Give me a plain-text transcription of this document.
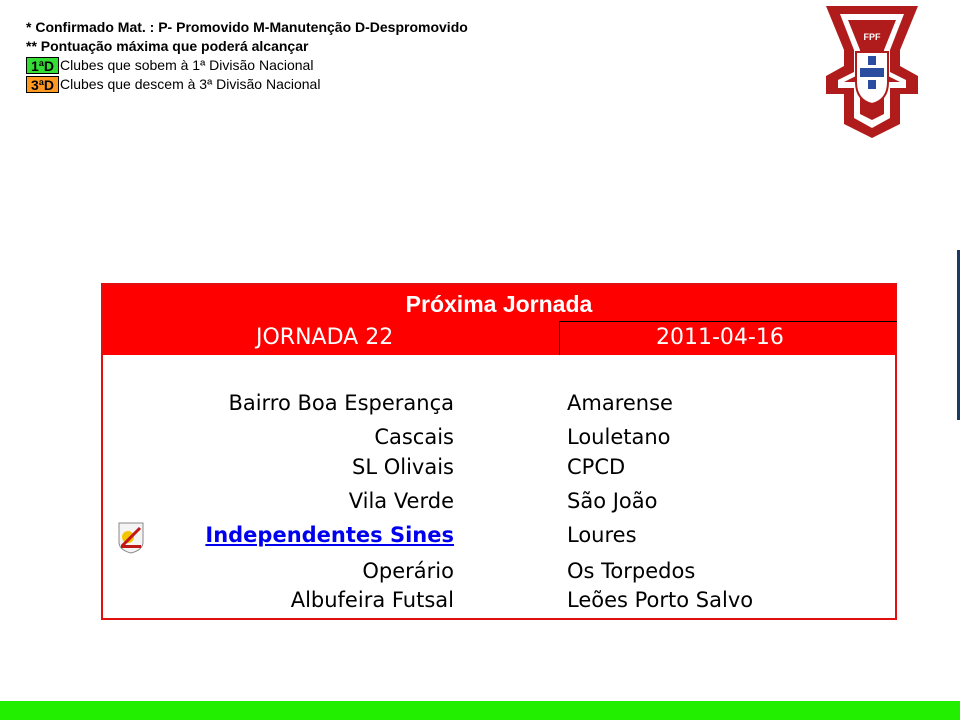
* Confirmado Mat. : P- Promovido M-Manutenção D-Despromovido
** Pontuação máxima que poderá alcançar
1ªD Clubes que sobem à 1ª Divisão Nacional
3ªD Clubes que descem à 3ª Divisão Nacional
FPF
Próxima Jornada
JORNADA 22	2011-04-16
Bairro Boa Esperança	Amarense
Cascais	Louletano
SL Olivais	CPCD
Vila Verde	São João
Independentes Sines	Loures
Operário	Os Torpedos
Albufeira Futsal	Leões Porto Salvo
